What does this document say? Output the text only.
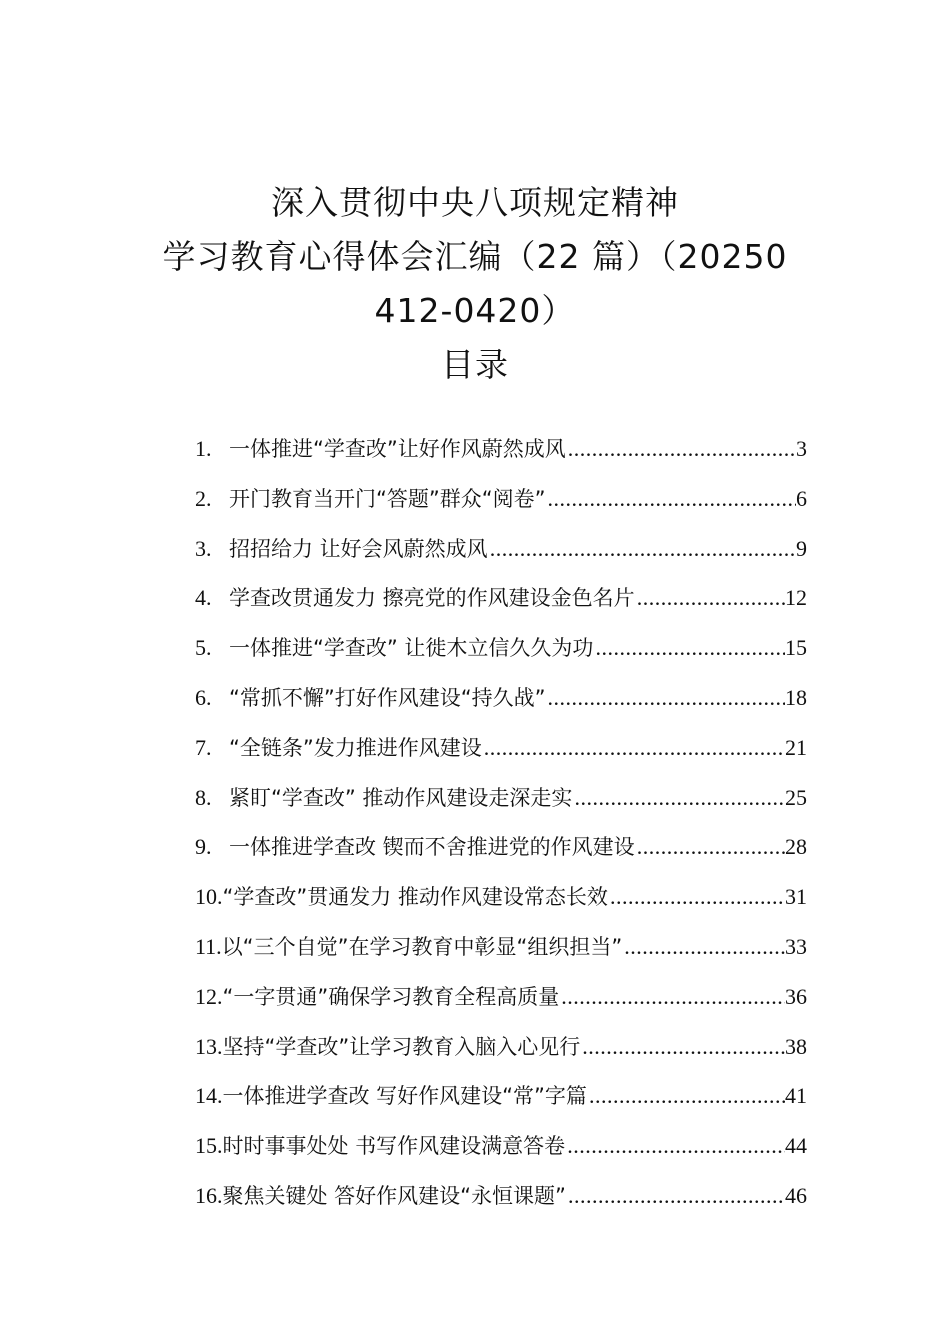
深入贯彻中央八项规定精神
学习教育心得体会汇编（22 篇）（20250
412-0420）
目录
1. 一体推进“学查改”让好作风蔚然成风 .....	3
2. 开门教育当开门“答题”群众“阅卷” .....	6
3. 招招给力 让好会风蔚然成风 .....	9
4. 学查改贯通发力 擦亮党的作风建设金色名片 .....	12
5. 一体推进“学查改” 让徙木立信久久为功 .....	15
6. “常抓不懈”打好作风建设“持久战” .....	18
7. “全链条”发力推进作风建设 .....	21
8. 紧盯“学查改” 推动作风建设走深走实 .....	25
9. 一体推进学查改 锲而不舍推进党的作风建设 .....	28
10. “学查改”贯通发力 推动作风建设常态长效 .....	31
11. 以“三个自觉”在学习教育中彰显“组织担当” .....	33
12. “一字贯通”确保学习教育全程高质量 .....	36
13. 坚持“学查改”让学习教育入脑入心见行 .....	38
14. 一体推进学查改 写好作风建设“常”字篇 .....	41
15. 时时事事处处 书写作风建设满意答卷 .....	44
16. 聚焦关键处 答好作风建设“永恒课题” .....	46
